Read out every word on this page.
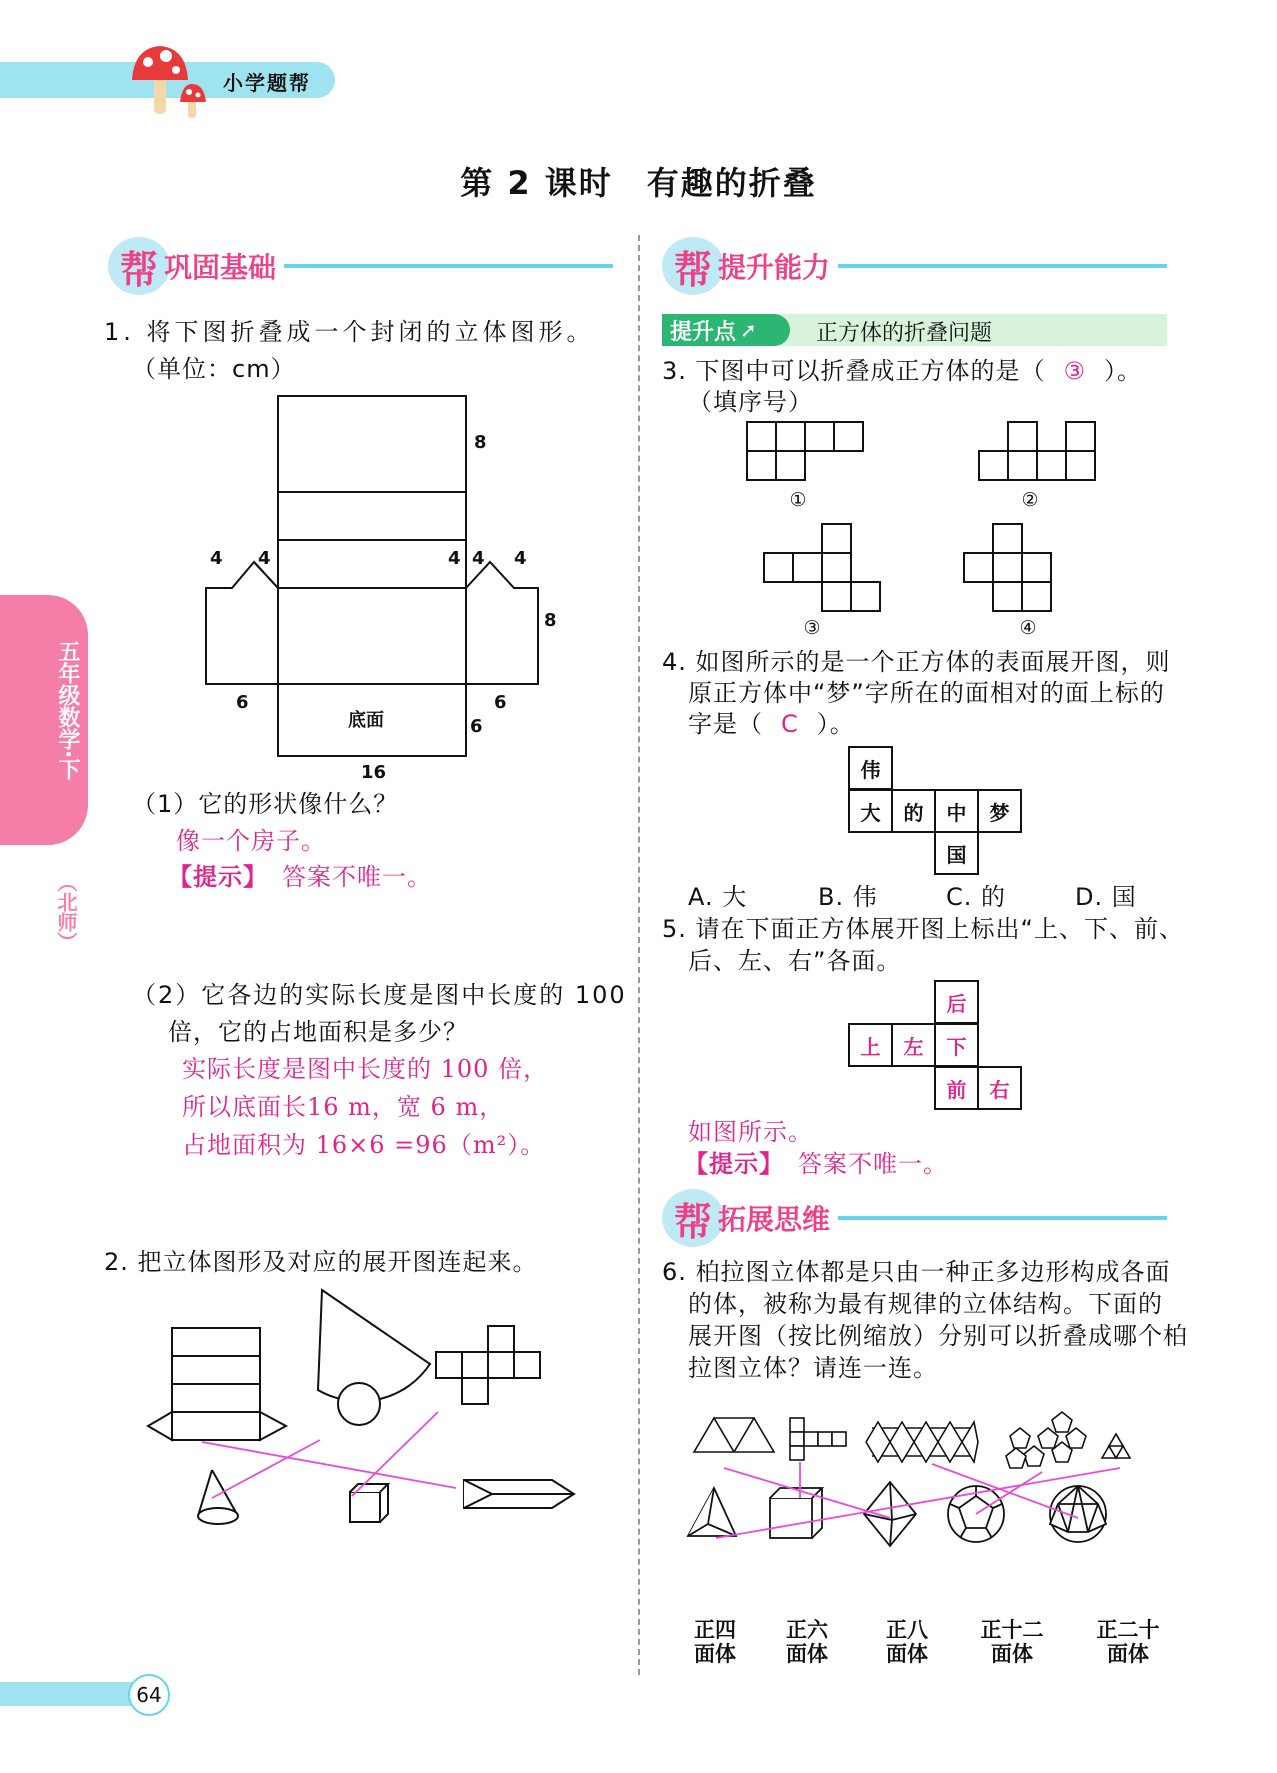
小学题帮
五年级数学·下
（北师）
第 2 课时　有趣的折叠
帮 巩固基础
1. 将下图折叠成一个封闭的立体图形。
（单位：cm）
8
4 4	4 4 4
8
6	6
6
底面
16
（1）它的形状像什么？
像一个房子。
【提示】 答案不唯一。
（2）它各边的实际长度是图中长度的 100
倍，它的占地面积是多少？
实际长度是图中长度的 100 倍，
所以底面长16 m，宽 6 m，
占地面积为 16×6 =96（m²）。
2. 把立体图形及对应的展开图连起来。
帮 提升能力
提升点 ➚	正方体的折叠问题
3. 下图中可以折叠成正方体的是（ ③ ）。
（填序号）
①	②
③	④
4. 如图所示的是一个正方体的表面展开图，则
原正方体中“梦”字所在的面相对的面上标的
字是（ C ）。
伟
大	的	中	梦
国
A. 大	B. 伟	C. 的	D. 国
5. 请在下面正方体展开图上标出“上、下、前、
后、左、右”各面。
后
上	左	下
前	右
如图所示。
【提示】 答案不唯一。
帮 拓展思维
6. 柏拉图立体都是只由一种正多边形构成各面
的体，被称为最有规律的立体结构。下面的
展开图（按比例缩放）分别可以折叠成哪个柏
拉图立体？请连一连。
正四
面体
正六
面体
正八
面体
正十二
面体
正二十
面体
64
